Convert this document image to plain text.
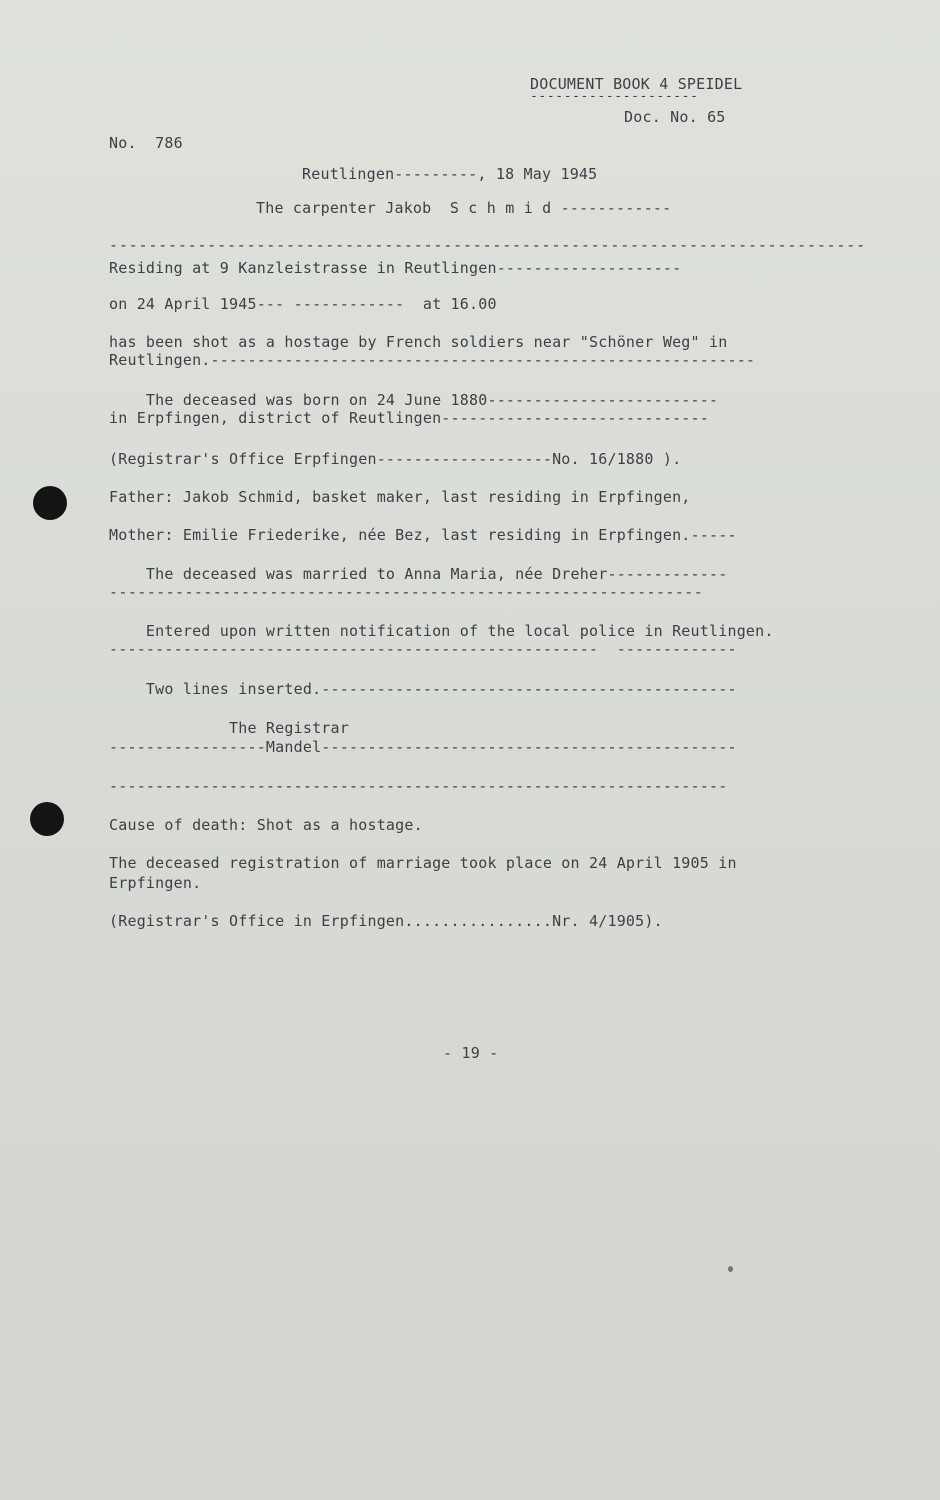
DOCUMENT BOOK 4 SPEIDEL
--------------------
Doc. No. 65
No.  786
Reutlingen---------, 18 May 1945
The carpenter Jakob  S c h m i d ------------
-----------------------------------------------------------------------------
Residing at 9 Kanzleistrasse in Reutlingen--------------------
on 24 April 1945--- ------------  at 16.00
has been shot as a hostage by French soldiers near "Schöner Weg" in
Reutlingen.-----------------------------------------------------------
The deceased was born on 24 June 1880-------------------------
in Erpfingen, district of Reutlingen-----------------------------
(Registrar's Office Erpfingen-------------------No. 16/1880 ).
Father: Jakob Schmid, basket maker, last residing in Erpfingen,
Mother: Emilie Friederike, née Bez, last residing in Erpfingen.-----
The deceased was married to Anna Maria, née Dreher-------------
---------------------------------------------------------------
Entered upon written notification of the local police in Reutlingen.
-----------------------------------------------------  -------------
Two lines inserted.---------------------------------------------
The Registrar
-----------------Mandel---------------------------------------------
-------------------------------------------------------------------
Cause of death: Shot as a hostage.
The deceased registration of marriage took place on 24 April 1905 in
Erpfingen.
(Registrar's Office in Erpfingen................Nr. 4/1905).
- 19 -
